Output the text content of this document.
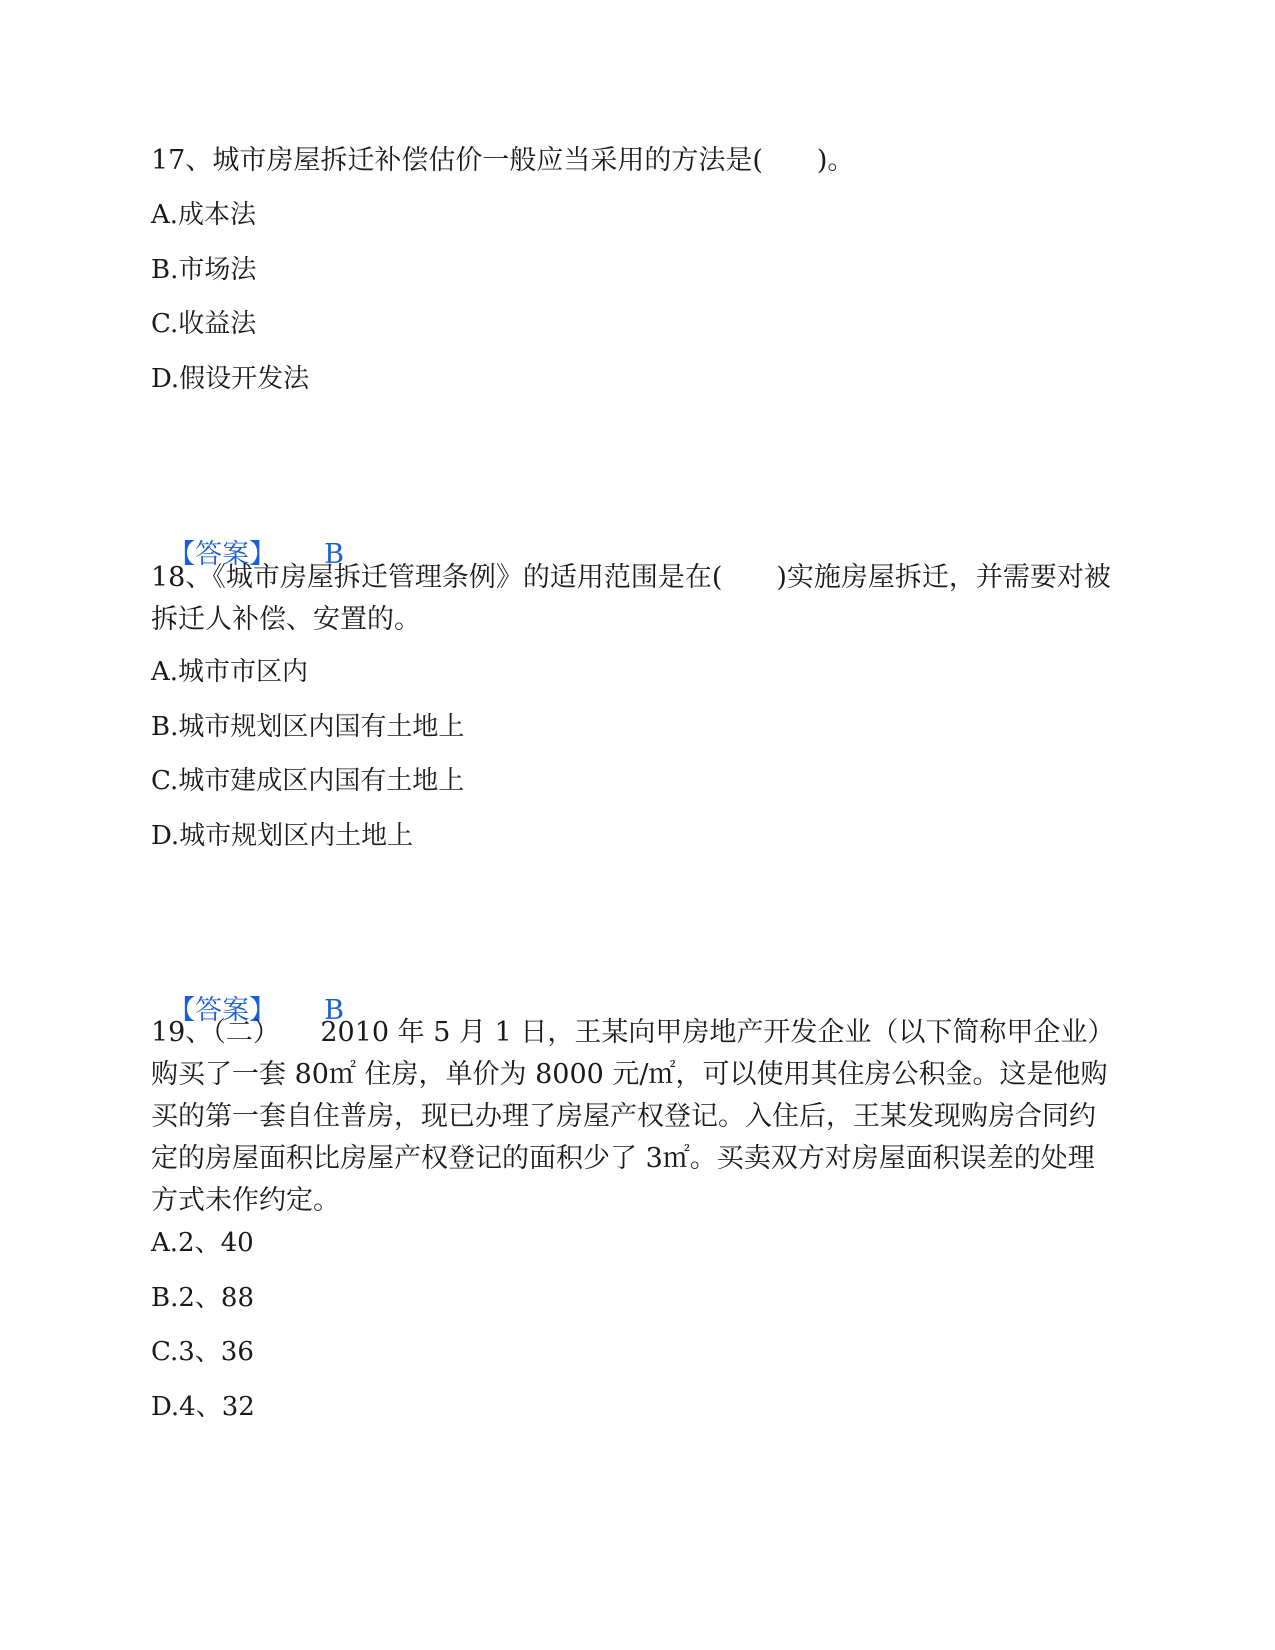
17、城市房屋拆迁补偿估价一般应当采用的方法是(　　)。

A.成本法

B.市场法

C.收益法

D.假设开发法

【答案】 B

18、《城市房屋拆迁管理条例》的适用范围是在(　　)实施房屋拆迁，并需要对被拆迁人补偿、安置的。

A.城市市区内

B.城市规划区内国有土地上

C.城市建成区内国有土地上

D.城市规划区内土地上

【答案】 B

19、（二）　　2010 年 5 月 1 日，王某向甲房地产开发企业（以下简称甲企业）购买了一套 80㎡ 住房，单价为 8000 元/㎡，可以使用其住房公积金。这是他购买的第一套自住普房，现已办理了房屋产权登记。入住后，王某发现购房合同约定的房屋面积比房屋产权登记的面积少了 3㎡。买卖双方对房屋面积误差的处理方式未作约定。

A.2、40

B.2、88

C.3、36

D.4、32
